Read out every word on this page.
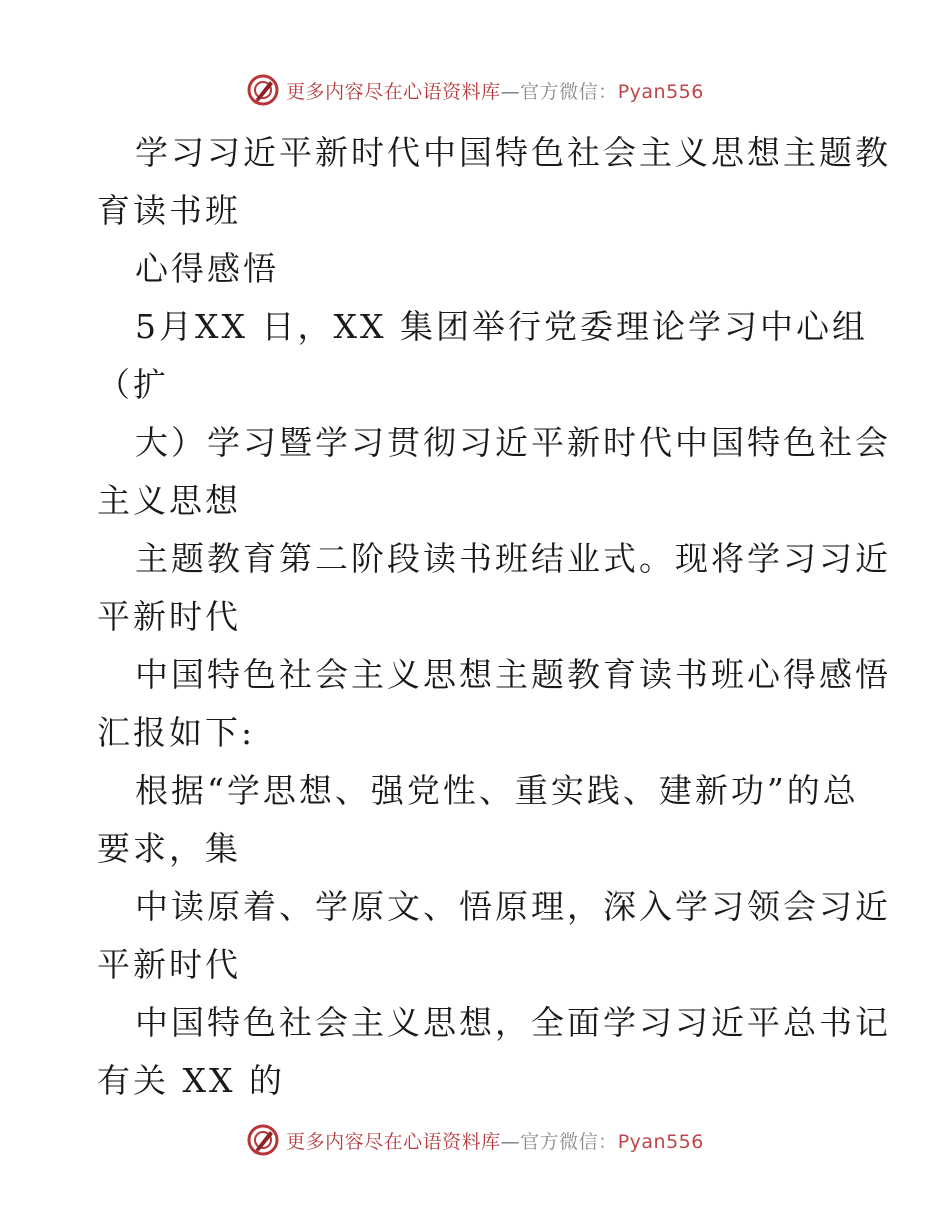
更多内容尽在心语资料库—官方微信：Pyan556

学习习近平新时代中国特色社会主义思想主题教
育读书班

心得感悟

5月XX 日，XX 集团举行党委理论学习中心组
（扩

大）学习暨学习贯彻习近平新时代中国特色社会
主义思想

主题教育第二阶段读书班结业式。现将学习习近
平新时代

中国特色社会主义思想主题教育读书班心得感悟
汇报如下:

根据“学思想、强党性、重实践、建新功”的总
要求，集

中读原着、学原文、悟原理，深入学习领会习近
平新时代

中国特色社会主义思想，全面学习习近平总书记
有关 XX 的

更多内容尽在心语资料库—官方微信：Pyan556
